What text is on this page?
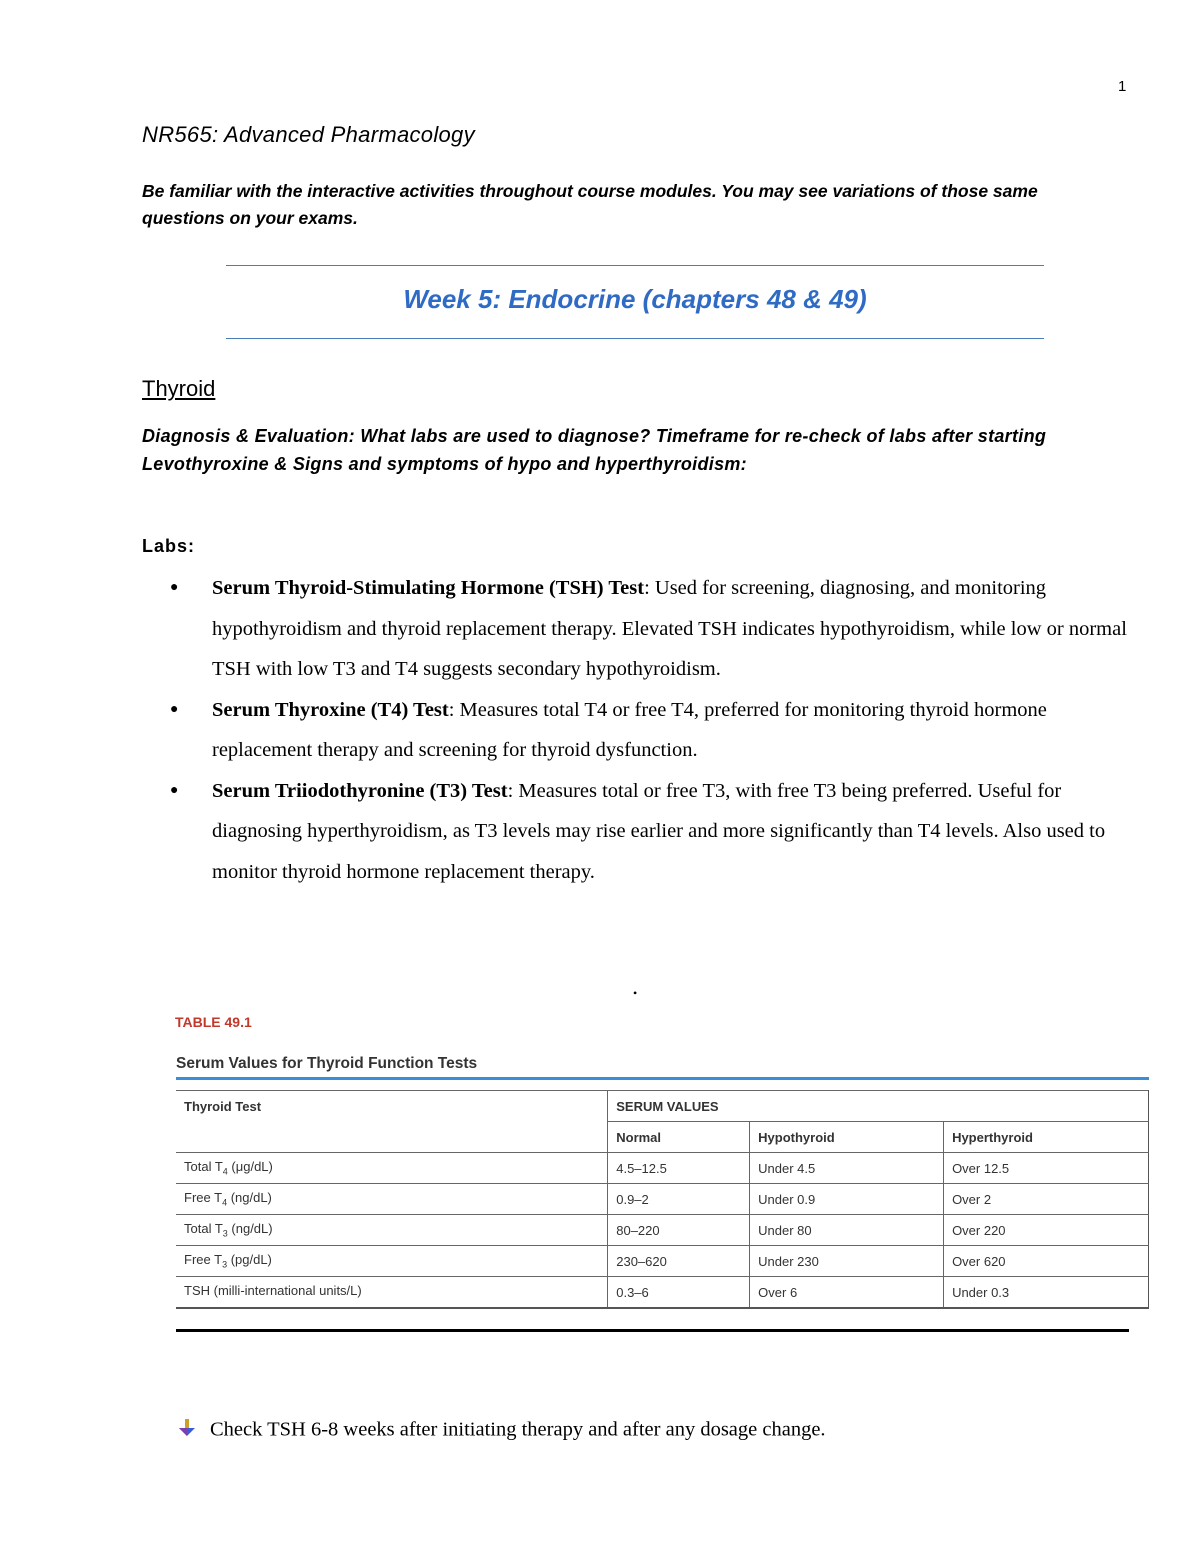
1
NR565: Advanced Pharmacology
Be familiar with the interactive activities throughout course modules. You may see variations of those same questions on your exams.
Week 5: Endocrine (chapters 48 & 49)
Thyroid
Diagnosis & Evaluation: What labs are used to diagnose? Timeframe for re-check of labs after starting Levothyroxine & Signs and symptoms of hypo and hyperthyroidism:
Labs:
● Serum Thyroid-Stimulating Hormone (TSH) Test: Used for screening, diagnosing, and monitoring hypothyroidism and thyroid replacement therapy. Elevated TSH indicates hypothyroidism, while low or normal TSH with low T3 and T4 suggests secondary hypothyroidism.
● Serum Thyroxine (T4) Test: Measures total T4 or free T4, preferred for monitoring thyroid hormone replacement therapy and screening for thyroid dysfunction.
● Serum Triiodothyronine (T3) Test: Measures total or free T3, with free T3 being preferred. Useful for diagnosing hyperthyroidism, as T3 levels may rise earlier and more significantly than T4 levels. Also used to monitor thyroid hormone replacement therapy.
•
TABLE 49.1
Serum Values for Thyroid Function Tests
Thyroid Test	SERUM VALUES		
	Normal	Hypothyroid	Hyperthyroid
Total $T_4$ (μg/dL)	4.5–12.5	Under 4.5	Over 12.5
Free $T_4$ (ng/dL)	0.9–2	Under 0.9	Over 2
Total $T_3$ (ng/dL)	80–220	Under 80	Over 220
Free $T_3$ (pg/dL)	230–620	Under 230	Over 620
TSH (milli-international units/L)	0.3–6	Over 6	Under 0.3
Check TSH 6-8 weeks after initiating therapy and after any dosage change.
